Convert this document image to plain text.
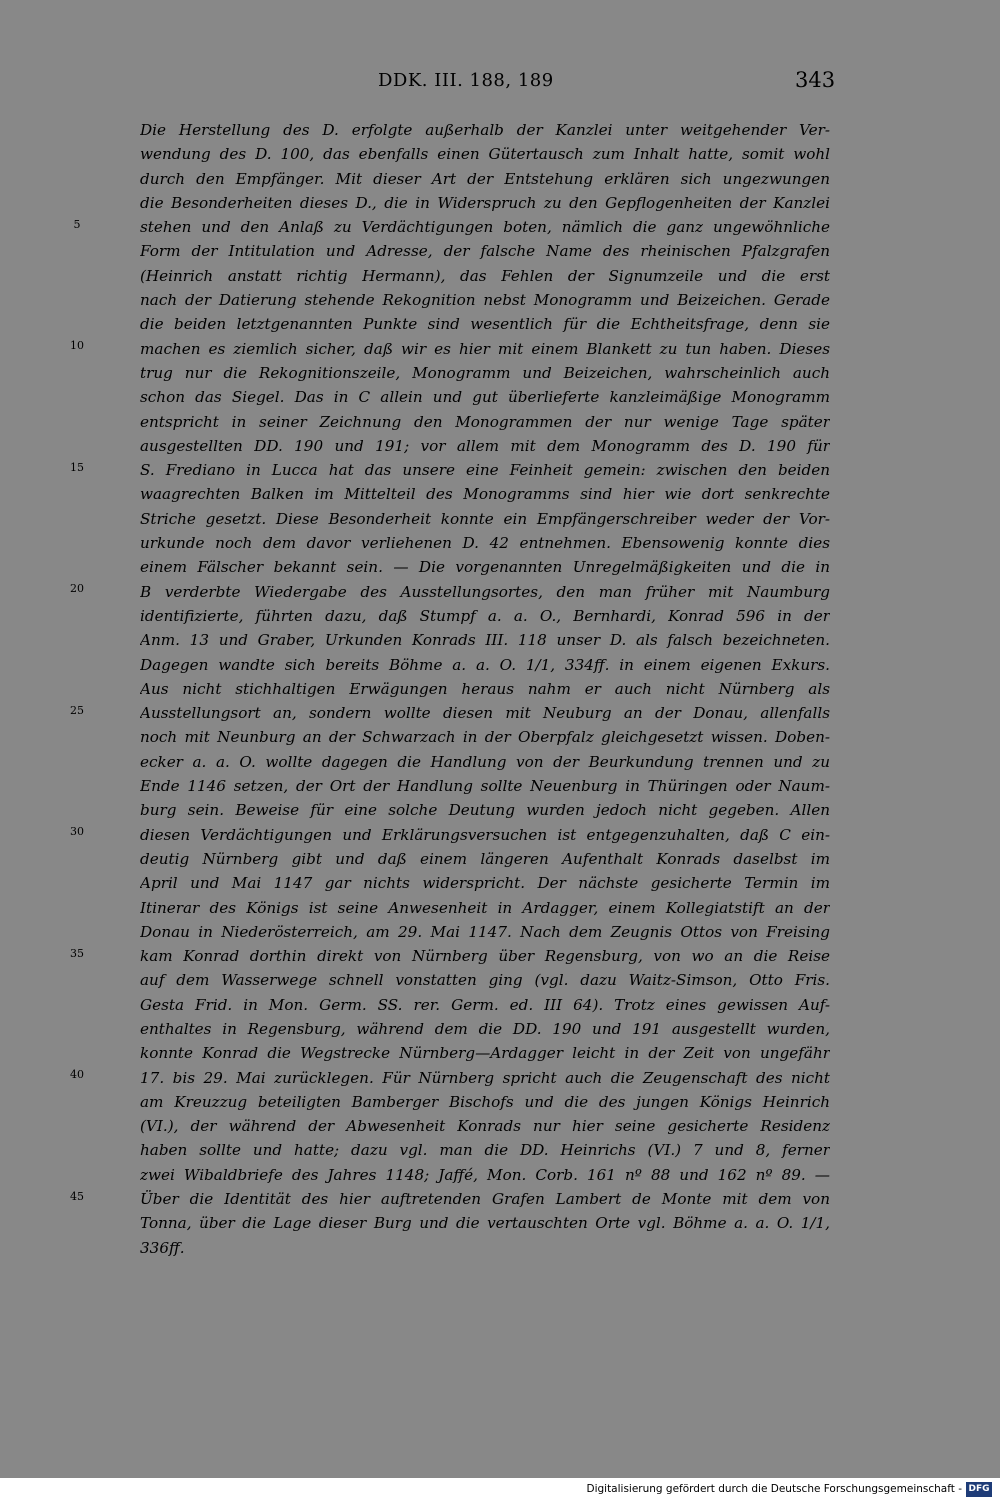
DDK. III. 188, 189	343
5
10
15
20
25
30
35
40
45
Die Herstellung des D. erfolgte außerhalb der Kanzlei unter weitgehender Ver-
wendung des D. 100, das ebenfalls einen Gütertausch zum Inhalt hatte, somit wohl
durch den Empfänger. Mit dieser Art der Entstehung erklären sich ungezwungen
die Besonderheiten dieses D., die in Widerspruch zu den Gepflogenheiten der Kanzlei
stehen und den Anlaß zu Verdächtigungen boten, nämlich die ganz ungewöhnliche
Form der Intitulation und Adresse, der falsche Name des rheinischen Pfalzgrafen
(Heinrich anstatt richtig Hermann), das Fehlen der Signumzeile und die erst
nach der Datierung stehende Rekognition nebst Monogramm und Beizeichen. Gerade
die beiden letztgenannten Punkte sind wesentlich für die Echtheitsfrage, denn sie
machen es ziemlich sicher, daß wir es hier mit einem Blankett zu tun haben. Dieses
trug nur die Rekognitionszeile, Monogramm und Beizeichen, wahrscheinlich auch
schon das Siegel. Das in C allein und gut überlieferte kanzleimäßige Monogramm
entspricht in seiner Zeichnung den Monogrammen der nur wenige Tage später
ausgestellten DD. 190 und 191; vor allem mit dem Monogramm des D. 190 für
S. Frediano in Lucca hat das unsere eine Feinheit gemein: zwischen den beiden
waagrechten Balken im Mittelteil des Monogramms sind hier wie dort senkrechte
Striche gesetzt. Diese Besonderheit konnte ein Empfängerschreiber weder der Vor-
urkunde noch dem davor verliehenen D. 42 entnehmen. Ebensowenig konnte dies
einem Fälscher bekannt sein. — Die vorgenannten Unregelmäßigkeiten und die in
B verderbte Wiedergabe des Ausstellungsortes, den man früher mit Naumburg
identifizierte, führten dazu, daß Stumpf a. a. O., Bernhardi, Konrad 596 in der
Anm. 13 und Graber, Urkunden Konrads III. 118 unser D. als falsch bezeichneten.
Dagegen wandte sich bereits Böhme a. a. O. 1/1, 334ff. in einem eigenen Exkurs.
Aus nicht stichhaltigen Erwägungen heraus nahm er auch nicht Nürnberg als
Ausstellungsort an, sondern wollte diesen mit Neuburg an der Donau, allenfalls
noch mit Neunburg an der Schwarzach in der Oberpfalz gleichgesetzt wissen. Doben-
ecker a. a. O. wollte dagegen die Handlung von der Beurkundung trennen und zu
Ende 1146 setzen, der Ort der Handlung sollte Neuenburg in Thüringen oder Naum-
burg sein. Beweise für eine solche Deutung wurden jedoch nicht gegeben. Allen
diesen Verdächtigungen und Erklärungsversuchen ist entgegenzuhalten, daß C ein-
deutig Nürnberg gibt und daß einem längeren Aufenthalt Konrads daselbst im
April und Mai 1147 gar nichts widerspricht. Der nächste gesicherte Termin im
Itinerar des Königs ist seine Anwesenheit in Ardagger, einem Kollegiatstift an der
Donau in Niederösterreich, am 29. Mai 1147. Nach dem Zeugnis Ottos von Freising
kam Konrad dorthin direkt von Nürnberg über Regensburg, von wo an die Reise
auf dem Wasserwege schnell vonstatten ging (vgl. dazu Waitz-Simson, Otto Fris.
Gesta Frid. in Mon. Germ. SS. rer. Germ. ed. III 64). Trotz eines gewissen Auf-
enthaltes in Regensburg, während dem die DD. 190 und 191 ausgestellt wurden,
konnte Konrad die Wegstrecke Nürnberg—Ardagger leicht in der Zeit von ungefähr
17. bis 29. Mai zurücklegen. Für Nürnberg spricht auch die Zeugenschaft des nicht
am Kreuzzug beteiligten Bamberger Bischofs und die des jungen Königs Heinrich
(VI.), der während der Abwesenheit Konrads nur hier seine gesicherte Residenz
haben sollte und hatte; dazu vgl. man die DD. Heinrichs (VI.) 7 und 8, ferner
zwei Wibaldbriefe des Jahres 1148; Jaffé, Mon. Corb. 161 nº 88 und 162 nº 89. —
Über die Identität des hier auftretenden Grafen Lambert de Monte mit dem von
Tonna, über die Lage dieser Burg und die vertauschten Orte vgl. Böhme a. a. O. 1/1,
336ff.
Digitalisierung gefördert durch die Deutsche Forschungsgemeinschaft - DFG
